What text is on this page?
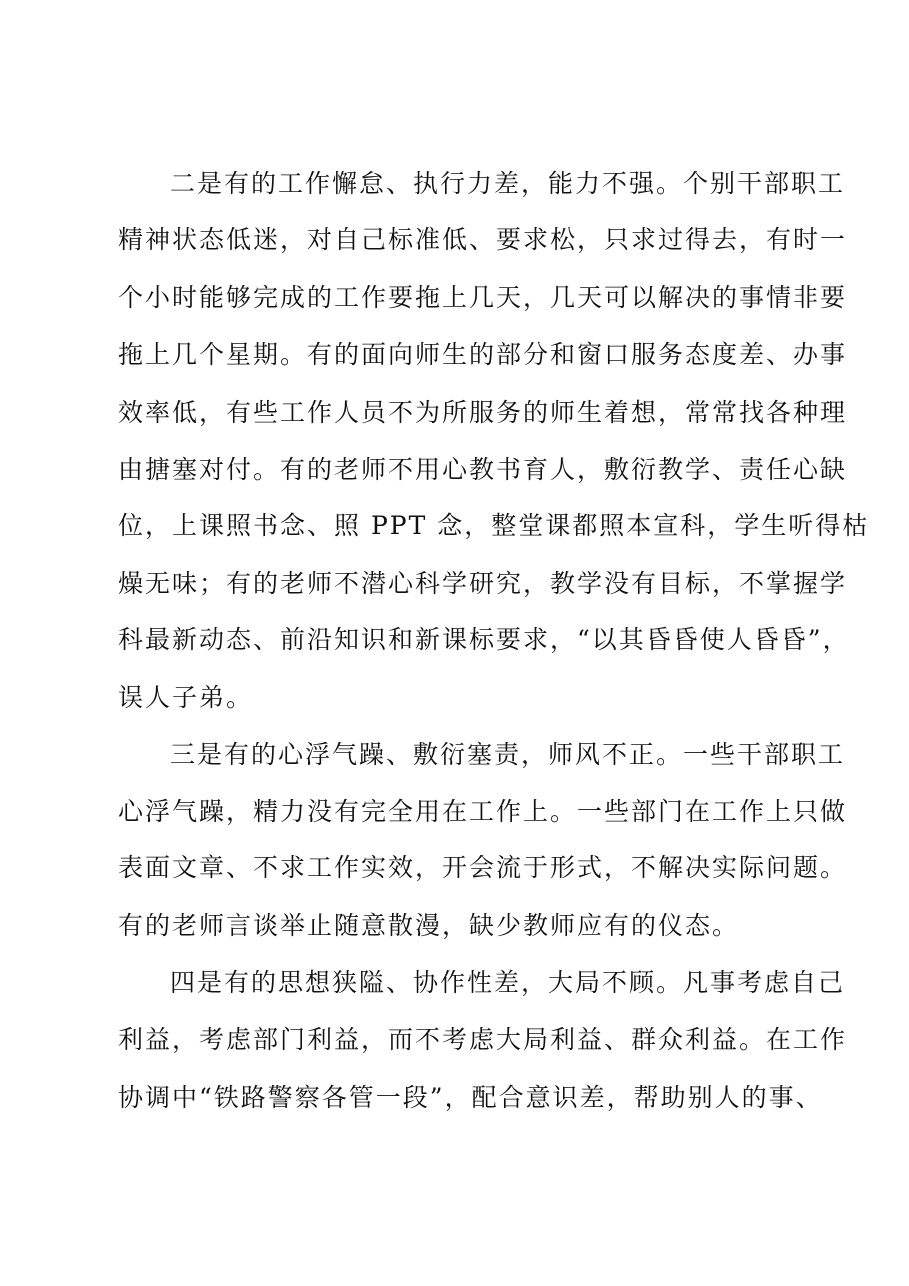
二是有的工作懈怠、执行力差，能力不强。个别干部职工
精神状态低迷，对自己标准低、要求松，只求过得去，有时一
个小时能够完成的工作要拖上几天，几天可以解决的事情非要
拖上几个星期。有的面向师生的部分和窗口服务态度差、办事
效率低，有些工作人员不为所服务的师生着想，常常找各种理
由搪塞对付。有的老师不用心教书育人，敷衍教学、责任心缺
位，上课照书念、照 PPT 念，整堂课都照本宣科，学生听得枯
燥无味；有的老师不潜心科学研究，教学没有目标，不掌握学
科最新动态、前沿知识和新课标要求，“以其昏昏使人昏昏”，
误人子弟。
三是有的心浮气躁、敷衍塞责，师风不正。一些干部职工
心浮气躁，精力没有完全用在工作上。一些部门在工作上只做
表面文章、不求工作实效，开会流于形式，不解决实际问题。
有的老师言谈举止随意散漫，缺少教师应有的仪态。
四是有的思想狭隘、协作性差，大局不顾。凡事考虑自己
利益，考虑部门利益，而不考虑大局利益、群众利益。在工作
协调中“铁路警察各管一段”，配合意识差，帮助别人的事、
